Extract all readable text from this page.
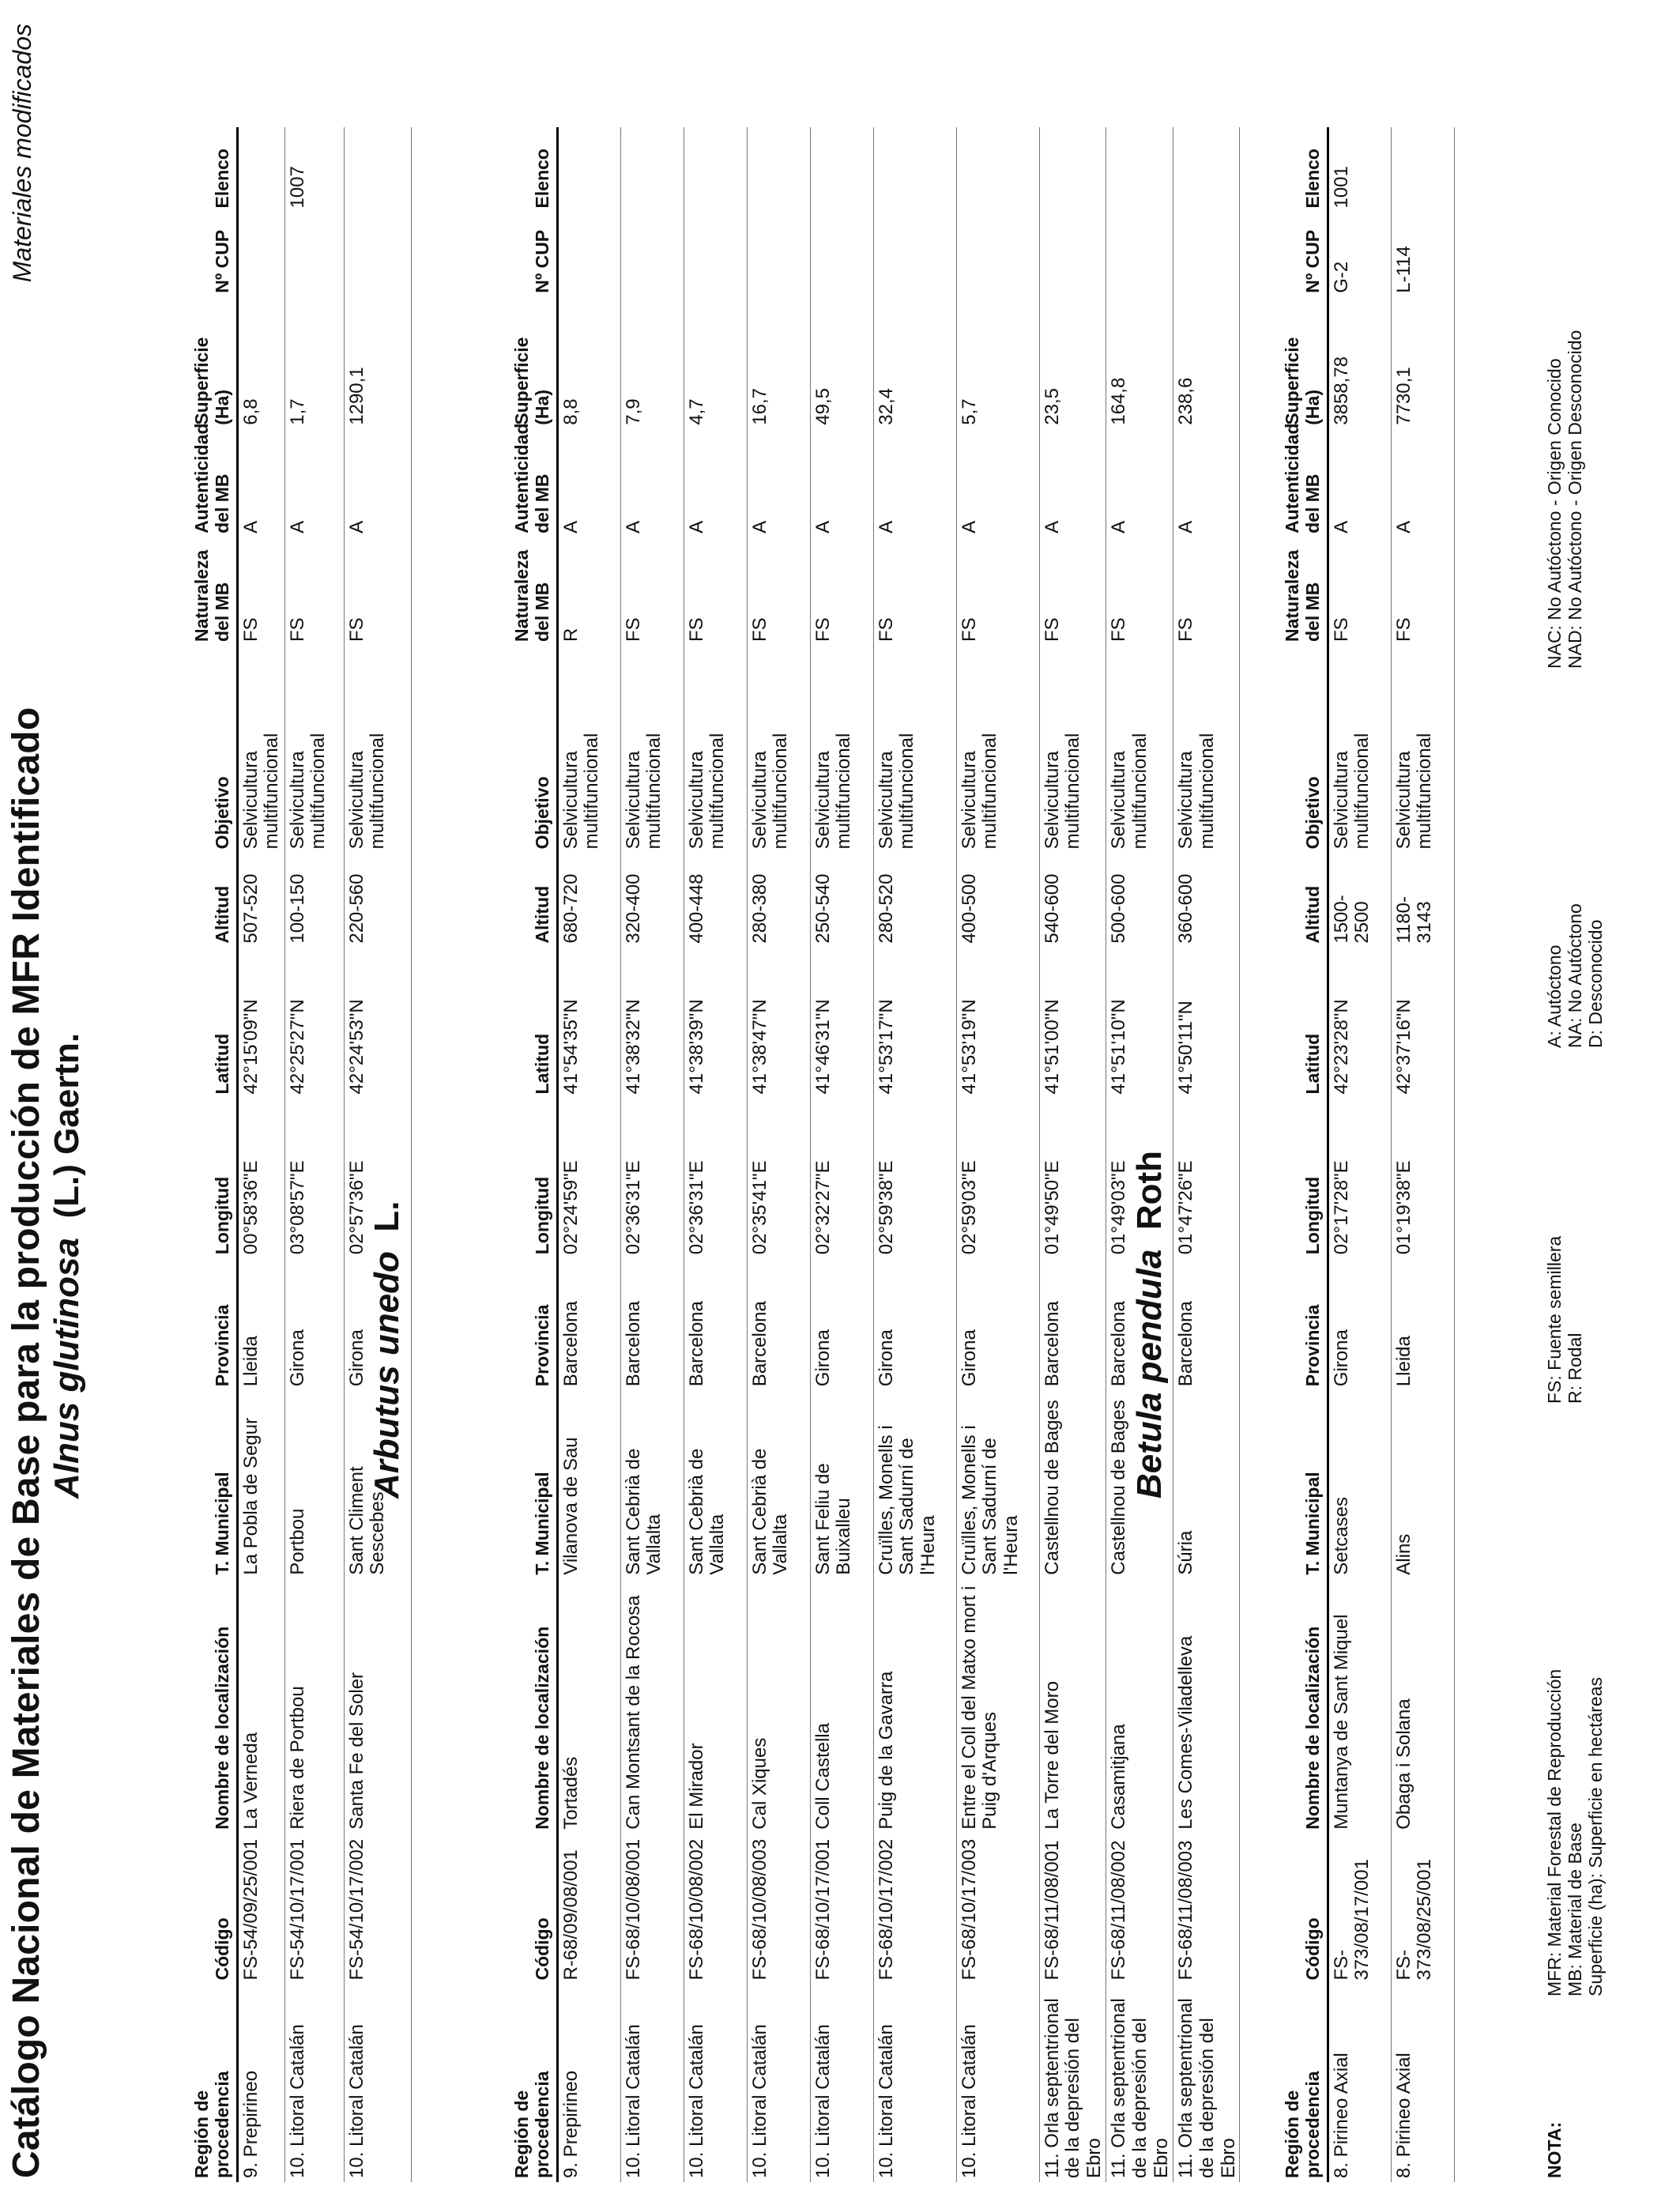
Catálogo Nacional de Materiales de Base para la producción de MFR Identificado
Materiales modificados
Alnus glutinosa  (L.) Gaertn.
Región de procedencia	Código	Nombre de localización	T. Municipal	Provincia	Longitud	Latitud	Altitud	Objetivo	Naturaleza del MB	Autenticidad del MB	Superficie (Ha)	Nº CUP	Elenco
9. Prepirineo	FS-54/09/25/001	La Verneda	La Pobla de Segur	Lleida	00°58'36"E	42°15'09"N	507-520	Selvicultura multifuncional	FS	A	6,8		
10. Litoral Catalán	FS-54/10/17/001	Riera de Portbou	Portbou	Girona	03°08'57"E	42°25'27"N	100-150	Selvicultura multifuncional	FS	A	1,7		1007
10. Litoral Catalán	FS-54/10/17/002	Santa Fe del Soler	Sant Climent Sescebes	Girona	02°57'36"E	42°24'53"N	220-560	Selvicultura multifuncional	FS	A	1290,1		
Arbutus unedo  L.
Región de procedencia	Código	Nombre de localización	T. Municipal	Provincia	Longitud	Latitud	Altitud	Objetivo	Naturaleza del MB	Autenticidad del MB	Superficie (Ha)	Nº CUP	Elenco
9. Prepirineo	R-68/09/08/001	Tortadés	Vilanova de Sau	Barcelona	02°24'59"E	41°54'35"N	680-720	Selvicultura multifuncional	R	A	8,8		
10. Litoral Catalán	FS-68/10/08/001	Can Montsant de la Rocosa	Sant Cebrià de Vallalta	Barcelona	02°36'31"E	41°38'32"N	320-400	Selvicultura multifuncional	FS	A	7,9		
10. Litoral Catalán	FS-68/10/08/002	El Mirador	Sant Cebrià de Vallalta	Barcelona	02°36'31"E	41°38'39"N	400-448	Selvicultura multifuncional	FS	A	4,7		
10. Litoral Catalán	FS-68/10/08/003	Cal Xiques	Sant Cebrià de Vallalta	Barcelona	02°35'41"E	41°38'47"N	280-380	Selvicultura multifuncional	FS	A	16,7		
10. Litoral Catalán	FS-68/10/17/001	Coll Castella	Sant Feliu de Buixalleu	Girona	02°32'27"E	41°46'31"N	250-540	Selvicultura multifuncional	FS	A	49,5		
10. Litoral Catalán	FS-68/10/17/002	Puig de la Gavarra	Cruïlles, Monells i Sant Sadurní de l'Heura	Girona	02°59'38"E	41°53'17"N	280-520	Selvicultura multifuncional	FS	A	32,4		
10. Litoral Catalán	FS-68/10/17/003	Entre el Coll del Matxo mort i Puig d'Arques	Cruïlles, Monells i Sant Sadurní de l'Heura	Girona	02°59'03"E	41°53'19"N	400-500	Selvicultura multifuncional	FS	A	5,7		
11. Orla septentrional de la depresión del Ebro	FS-68/11/08/001	La Torre del Moro	Castellnou de Bages	Barcelona	01°49'50"E	41°51'00"N	540-600	Selvicultura multifuncional	FS	A	23,5		
11. Orla septentrional de la depresión del Ebro	FS-68/11/08/002	Casamitjana	Castellnou de Bages	Barcelona	01°49'03"E	41°51'10"N	500-600	Selvicultura multifuncional	FS	A	164,8		
11. Orla septentrional de la depresión del Ebro	FS-68/11/08/003	Les Comes-Viladelleva	Súria	Barcelona	01°47'26"E	41°50'11"N	360-600	Selvicultura multifuncional	FS	A	238,6		
Betula pendula  Roth
Región de procedencia	Código	Nombre de localización	T. Municipal	Provincia	Longitud	Latitud	Altitud	Objetivo	Naturaleza del MB	Autenticidad del MB	Superficie (Ha)	Nº CUP	Elenco
8. Pirineo Axial	FS-373/08/17/001	Muntanya de Sant Miquel	Setcases	Girona	02°17'28"E	42°23'28"N	1500-2500	Selvicultura multifuncional	FS	A	3858,78	G-2	1001
8. Pirineo Axial	FS-373/08/25/001	Obaga i Solana	Alins	Lleida	01°19'38"E	42°37'16"N	1180-3143	Selvicultura multifuncional	FS	A	7730,1	L-114	
NOTA:
MFR: Material Forestal de Reproducción MB: Material de Base Superficie (ha): Superficie en hectáreas
FS: Fuente semillera R: Rodal
A: Autóctono NA: No Autóctono D: Desconocido
NAC: No Autóctono - Origen Conocido NAD: No Autóctono - Origen Desconocido
